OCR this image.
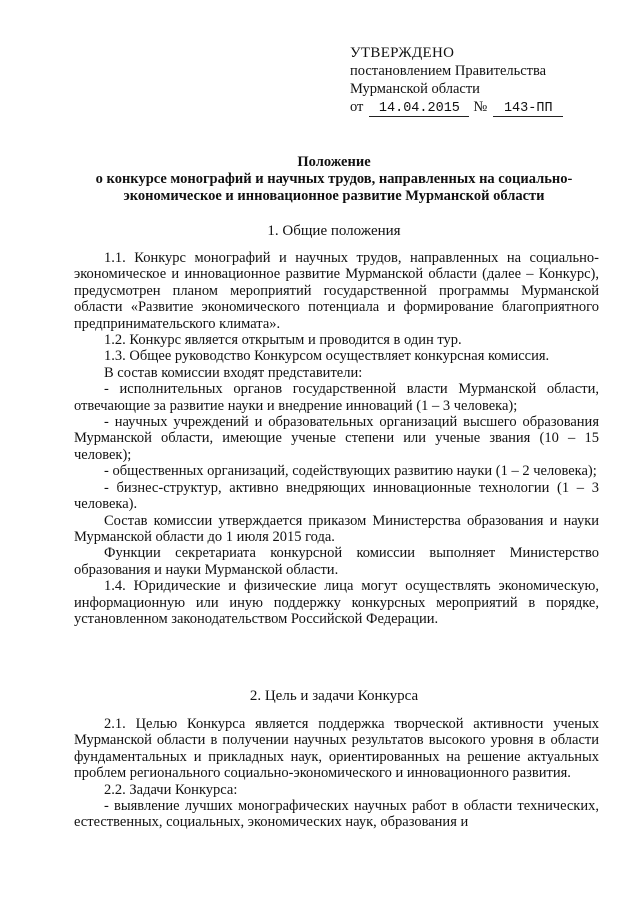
УТВЕРЖДЕНО
постановлением Правительства
Мурманской области
от 14.04.2015 № 143-ПП
Положение
о конкурсе монографий и научных трудов, направленных на социально-
экономическое и инновационное развитие Мурманской области
1. Общие положения

1.1. Конкурс монографий и научных трудов, направленных на социально-экономическое и инновационное развитие Мурманской области (далее – Конкурс), предусмотрен планом мероприятий государственной программы Мурманской области «Развитие экономического потенциала и формирование благоприятного предпринимательского климата».

1.2. Конкурс является открытым и проводится в один тур.

1.3. Общее руководство Конкурсом осуществляет конкурсная комиссия.

В состав комиссии входят представители:

- исполнительных органов государственной власти Мурманской области, отвечающие за развитие науки и внедрение инноваций (1 – 3 человека);

- научных учреждений и образовательных организаций высшего образования Мурманской области, имеющие ученые степени или ученые звания (10 – 15 человек);

- общественных организаций, содействующих развитию науки (1 – 2 человека);

- бизнес-структур, активно внедряющих инновационные технологии (1 – 3 человека).

Состав комиссии утверждается приказом Министерства образования и науки Мурманской области до 1 июля 2015 года.

Функции секретариата конкурсной комиссии выполняет Министерство образования и науки Мурманской области.

1.4. Юридические и физические лица могут осуществлять экономическую, информационную или иную поддержку конкурсных мероприятий в порядке, установленном законодательством Российской Федерации.

2. Цель и задачи Конкурса

2.1. Целью Конкурса является поддержка творческой активности ученых Мурманской области в получении научных результатов высокого уровня в области фундаментальных и прикладных наук, ориентированных на решение актуальных проблем регионального социально-экономического и инновационного развития.

2.2. Задачи Конкурса:

- выявление лучших монографических научных работ в области технических, естественных, социальных, экономических наук, образования и
